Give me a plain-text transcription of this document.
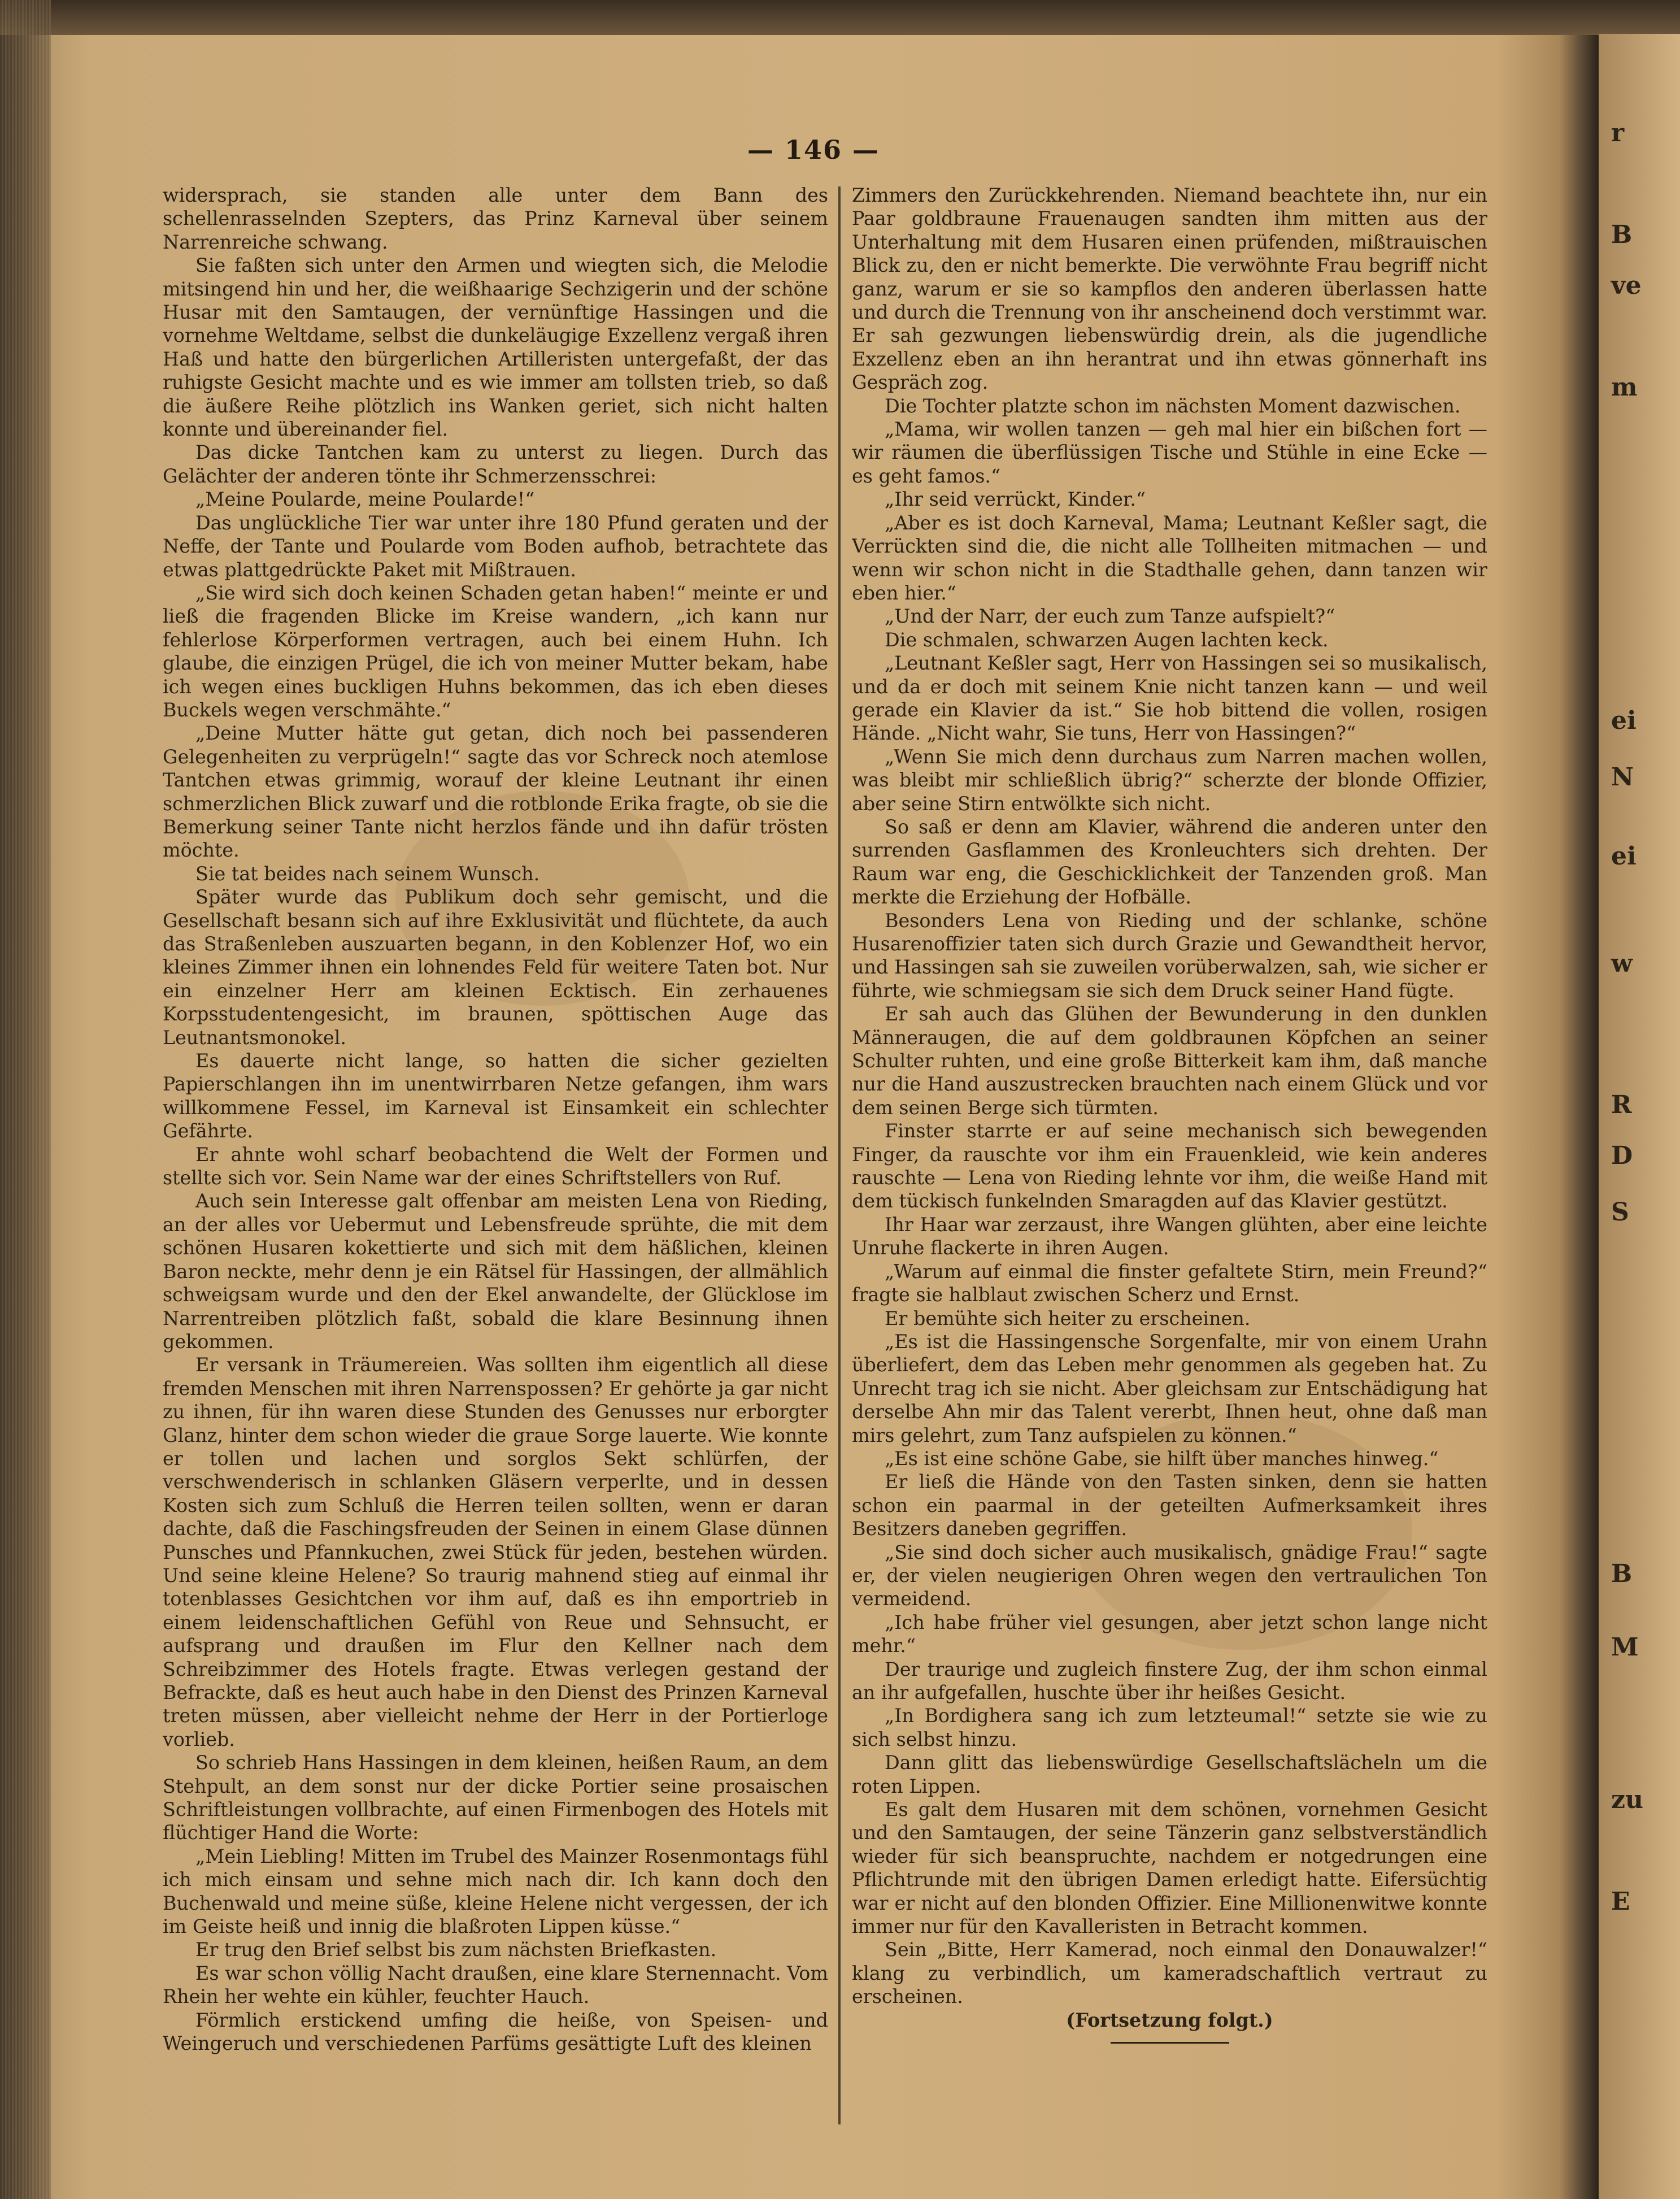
— 146 —

widersprach, sie standen alle unter dem Bann des schellenrasselnden Szepters, das Prinz Karneval über seinem Narrenreiche schwang.

Sie faßten sich unter den Armen und wiegten sich, die Melodie mitsingend hin und her, die weißhaarige Sechzigerin und der schöne Husar mit den Samtaugen, der vernünftige Hassingen und die vornehme Weltdame, selbst die dunkeläugige Exzellenz vergaß ihren Haß und hatte den bürgerlichen Artilleristen untergefaßt, der das ruhigste Gesicht machte und es wie immer am tollsten trieb, so daß die äußere Reihe plötzlich ins Wanken geriet, sich nicht halten konnte und übereinander fiel.

Das dicke Tantchen kam zu unterst zu liegen. Durch das Gelächter der anderen tönte ihr Schmerzensschrei:

„Meine Poularde, meine Poularde!“

Das unglückliche Tier war unter ihre 180 Pfund geraten und der Neffe, der Tante und Poularde vom Boden aufhob, betrachtete das etwas plattgedrückte Paket mit Mißtrauen.

„Sie wird sich doch keinen Schaden getan haben!“ meinte er und ließ die fragenden Blicke im Kreise wandern, „ich kann nur fehlerlose Körperformen vertragen, auch bei einem Huhn. Ich glaube, die einzigen Prügel, die ich von meiner Mutter bekam, habe ich wegen eines buckligen Huhns bekommen, das ich eben dieses Buckels wegen verschmähte.“

„Deine Mutter hätte gut getan, dich noch bei passenderen Gelegenheiten zu verprügeln!“ sagte das vor Schreck noch atemlose Tantchen etwas grimmig, worauf der kleine Leutnant ihr einen schmerzlichen Blick zuwarf und die rotblonde Erika fragte, ob sie die Bemerkung seiner Tante nicht herzlos fände und ihn dafür trösten möchte.

Sie tat beides nach seinem Wunsch.

Später wurde das Publikum doch sehr gemischt, und die Gesellschaft besann sich auf ihre Exklusivität und flüchtete, da auch das Straßenleben auszuarten begann, in den Koblenzer Hof, wo ein kleines Zimmer ihnen ein lohnendes Feld für weitere Taten bot. Nur ein einzelner Herr am kleinen Ecktisch. Ein zerhauenes Korpsstudentengesicht, im braunen, spöttischen Auge das Leutnantsmonokel.

Es dauerte nicht lange, so hatten die sicher gezielten Papierschlangen ihn im unentwirrbaren Netze gefangen, ihm wars willkommene Fessel, im Karneval ist Einsamkeit ein schlechter Gefährte.

Er ahnte wohl scharf beobachtend die Welt der Formen und stellte sich vor. Sein Name war der eines Schriftstellers von Ruf.

Auch sein Interesse galt offenbar am meisten Lena von Rieding, an der alles vor Uebermut und Lebensfreude sprühte, die mit dem schönen Husaren kokettierte und sich mit dem häßlichen, kleinen Baron neckte, mehr denn je ein Rätsel für Hassingen, der allmählich schweigsam wurde und den der Ekel anwandelte, der Glücklose im Narrentreiben plötzlich faßt, sobald die klare Besinnung ihnen gekommen.

Er versank in Träumereien. Was sollten ihm eigentlich all diese fremden Menschen mit ihren Narrenspossen? Er gehörte ja gar nicht zu ihnen, für ihn waren diese Stunden des Genusses nur erborgter Glanz, hinter dem schon wieder die graue Sorge lauerte. Wie konnte er tollen und lachen und sorglos Sekt schlürfen, der verschwenderisch in schlanken Gläsern verperlte, und in dessen Kosten sich zum Schluß die Herren teilen sollten, wenn er daran dachte, daß die Faschingsfreuden der Seinen in einem Glase dünnen Punsches und Pfannkuchen, zwei Stück für jeden, bestehen würden. Und seine kleine Helene? So traurig mahnend stieg auf einmal ihr totenblasses Gesichtchen vor ihm auf, daß es ihn emportrieb in einem leidenschaftlichen Gefühl von Reue und Sehnsucht, er aufsprang und draußen im Flur den Kellner nach dem Schreibzimmer des Hotels fragte. Etwas verlegen gestand der Befrackte, daß es heut auch habe in den Dienst des Prinzen Karneval treten müssen, aber vielleicht nehme der Herr in der Portierloge vorlieb.

So schrieb Hans Hassingen in dem kleinen, heißen Raum, an dem Stehpult, an dem sonst nur der dicke Portier seine prosaischen Schriftleistungen vollbrachte, auf einen Firmenbogen des Hotels mit flüchtiger Hand die Worte:

„Mein Liebling! Mitten im Trubel des Mainzer Rosenmontags fühl ich mich einsam und sehne mich nach dir. Ich kann doch den Buchenwald und meine süße, kleine Helene nicht vergessen, der ich im Geiste heiß und innig die blaßroten Lippen küsse.“

Er trug den Brief selbst bis zum nächsten Briefkasten.

Es war schon völlig Nacht draußen, eine klare Sternennacht. Vom Rhein her wehte ein kühler, feuchter Hauch.

Förmlich erstickend umfing die heiße, von Speisen- und Weingeruch und verschiedenen Parfüms gesättigte Luft des kleinen

Zimmers den Zurückkehrenden. Niemand beachtete ihn, nur ein Paar goldbraune Frauenaugen sandten ihm mitten aus der Unterhaltung mit dem Husaren einen prüfenden, mißtrauischen Blick zu, den er nicht bemerkte. Die verwöhnte Frau begriff nicht ganz, warum er sie so kampflos den anderen überlassen hatte und durch die Trennung von ihr anscheinend doch verstimmt war. Er sah gezwungen liebenswürdig drein, als die jugendliche Exzellenz eben an ihn herantrat und ihn etwas gönnerhaft ins Gespräch zog.

Die Tochter platzte schon im nächsten Moment dazwischen.

„Mama, wir wollen tanzen — geh mal hier ein bißchen fort — wir räumen die überflüssigen Tische und Stühle in eine Ecke — es geht famos.“

„Ihr seid verrückt, Kinder.“

„Aber es ist doch Karneval, Mama; Leutnant Keßler sagt, die Verrückten sind die, die nicht alle Tollheiten mitmachen — und wenn wir schon nicht in die Stadthalle gehen, dann tanzen wir eben hier.“

„Und der Narr, der euch zum Tanze aufspielt?“

Die schmalen, schwarzen Augen lachten keck.

„Leutnant Keßler sagt, Herr von Hassingen sei so musikalisch, und da er doch mit seinem Knie nicht tanzen kann — und weil gerade ein Klavier da ist.“ Sie hob bittend die vollen, rosigen Hände. „Nicht wahr, Sie tuns, Herr von Hassingen?“

„Wenn Sie mich denn durchaus zum Narren machen wollen, was bleibt mir schließlich übrig?“ scherzte der blonde Offizier, aber seine Stirn entwölkte sich nicht.

So saß er denn am Klavier, während die anderen unter den surrenden Gasflammen des Kronleuchters sich drehten. Der Raum war eng, die Geschicklichkeit der Tanzenden groß. Man merkte die Erziehung der Hofbälle.

Besonders Lena von Rieding und der schlanke, schöne Husarenoffizier taten sich durch Grazie und Gewandtheit hervor, und Hassingen sah sie zuweilen vorüberwalzen, sah, wie sicher er führte, wie schmiegsam sie sich dem Druck seiner Hand fügte.

Er sah auch das Glühen der Bewunderung in den dunklen Männeraugen, die auf dem goldbraunen Köpfchen an seiner Schulter ruhten, und eine große Bitterkeit kam ihm, daß manche nur die Hand auszustrecken brauchten nach einem Glück und vor dem seinen Berge sich türmten.

Finster starrte er auf seine mechanisch sich bewegenden Finger, da rauschte vor ihm ein Frauenkleid, wie kein anderes rauschte — Lena von Rieding lehnte vor ihm, die weiße Hand mit dem tückisch funkelnden Smaragden auf das Klavier gestützt.

Ihr Haar war zerzaust, ihre Wangen glühten, aber eine leichte Unruhe flackerte in ihren Augen.

„Warum auf einmal die finster gefaltete Stirn, mein Freund?“ fragte sie halblaut zwischen Scherz und Ernst.

Er bemühte sich heiter zu erscheinen.

„Es ist die Hassingensche Sorgenfalte, mir von einem Urahn überliefert, dem das Leben mehr genommen als gegeben hat. Zu Unrecht trag ich sie nicht. Aber gleichsam zur Entschädigung hat derselbe Ahn mir das Talent vererbt, Ihnen heut, ohne daß man mirs gelehrt, zum Tanz aufspielen zu können.“

„Es ist eine schöne Gabe, sie hilft über manches hinweg.“

Er ließ die Hände von den Tasten sinken, denn sie hatten schon ein paarmal in der geteilten Aufmerksamkeit ihres Besitzers daneben gegriffen.

„Sie sind doch sicher auch musikalisch, gnädige Frau!“ sagte er, der vielen neugierigen Ohren wegen den vertraulichen Ton vermeidend.

„Ich habe früher viel gesungen, aber jetzt schon lange nicht mehr.“

Der traurige und zugleich finstere Zug, der ihm schon einmal an ihr aufgefallen, huschte über ihr heißes Gesicht.

„In Bordighera sang ich zum letzteumal!“ setzte sie wie zu sich selbst hinzu.

Dann glitt das liebenswürdige Gesellschaftslächeln um die roten Lippen.

Es galt dem Husaren mit dem schönen, vornehmen Gesicht und den Samtaugen, der seine Tänzerin ganz selbstverständlich wieder für sich beanspruchte, nachdem er notgedrungen eine Pflichtrunde mit den übrigen Damen erledigt hatte. Eifersüchtig war er nicht auf den blonden Offizier. Eine Millionenwitwe konnte immer nur für den Kavalleristen in Betracht kommen.

Sein „Bitte, Herr Kamerad, noch einmal den Donauwalzer!“ klang zu verbindlich, um kameradschaftlich vertraut zu erscheinen.

(Fortsetzung folgt.)

r
B
ve
m
ei
N
ei
w
R
D
S
B
M
zu
E
